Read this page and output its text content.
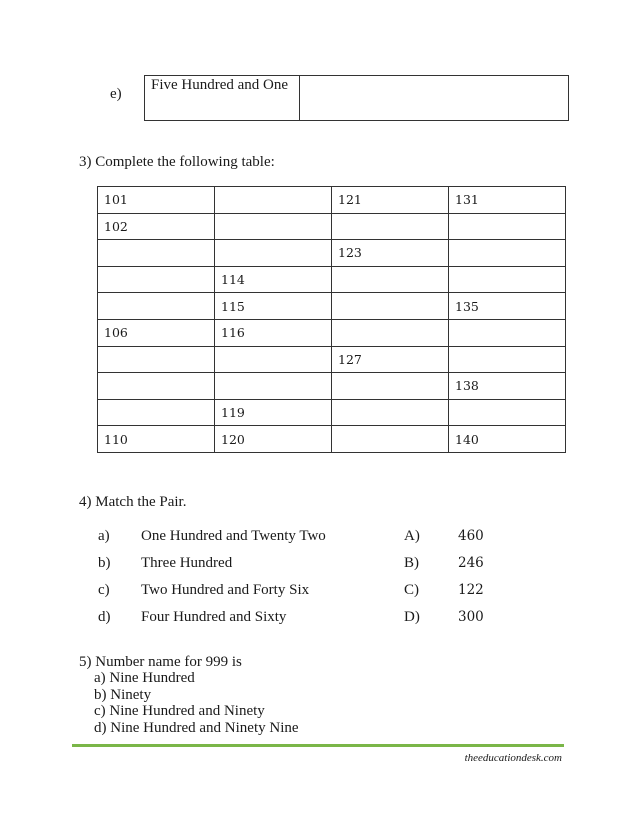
e)
Five Hundred and One

3) Complete the following table:
101		121	131
102			
		123	
	114		
	115		135
106	116		
		127	
			138
	119		
110	120		140
4) Match the Pair.
a) One Hundred and Twenty Two	A)	460
b) Three Hundred	B)	246
c) Two Hundred and Forty Six	C)	122
d) Four Hundred and Sixty	D)	300
5) Number name for 999 is
a) Nine Hundred
b) Ninety
c) Nine Hundred and Ninety
d) Nine Hundred and Ninety Nine
theeducationdesk.com
